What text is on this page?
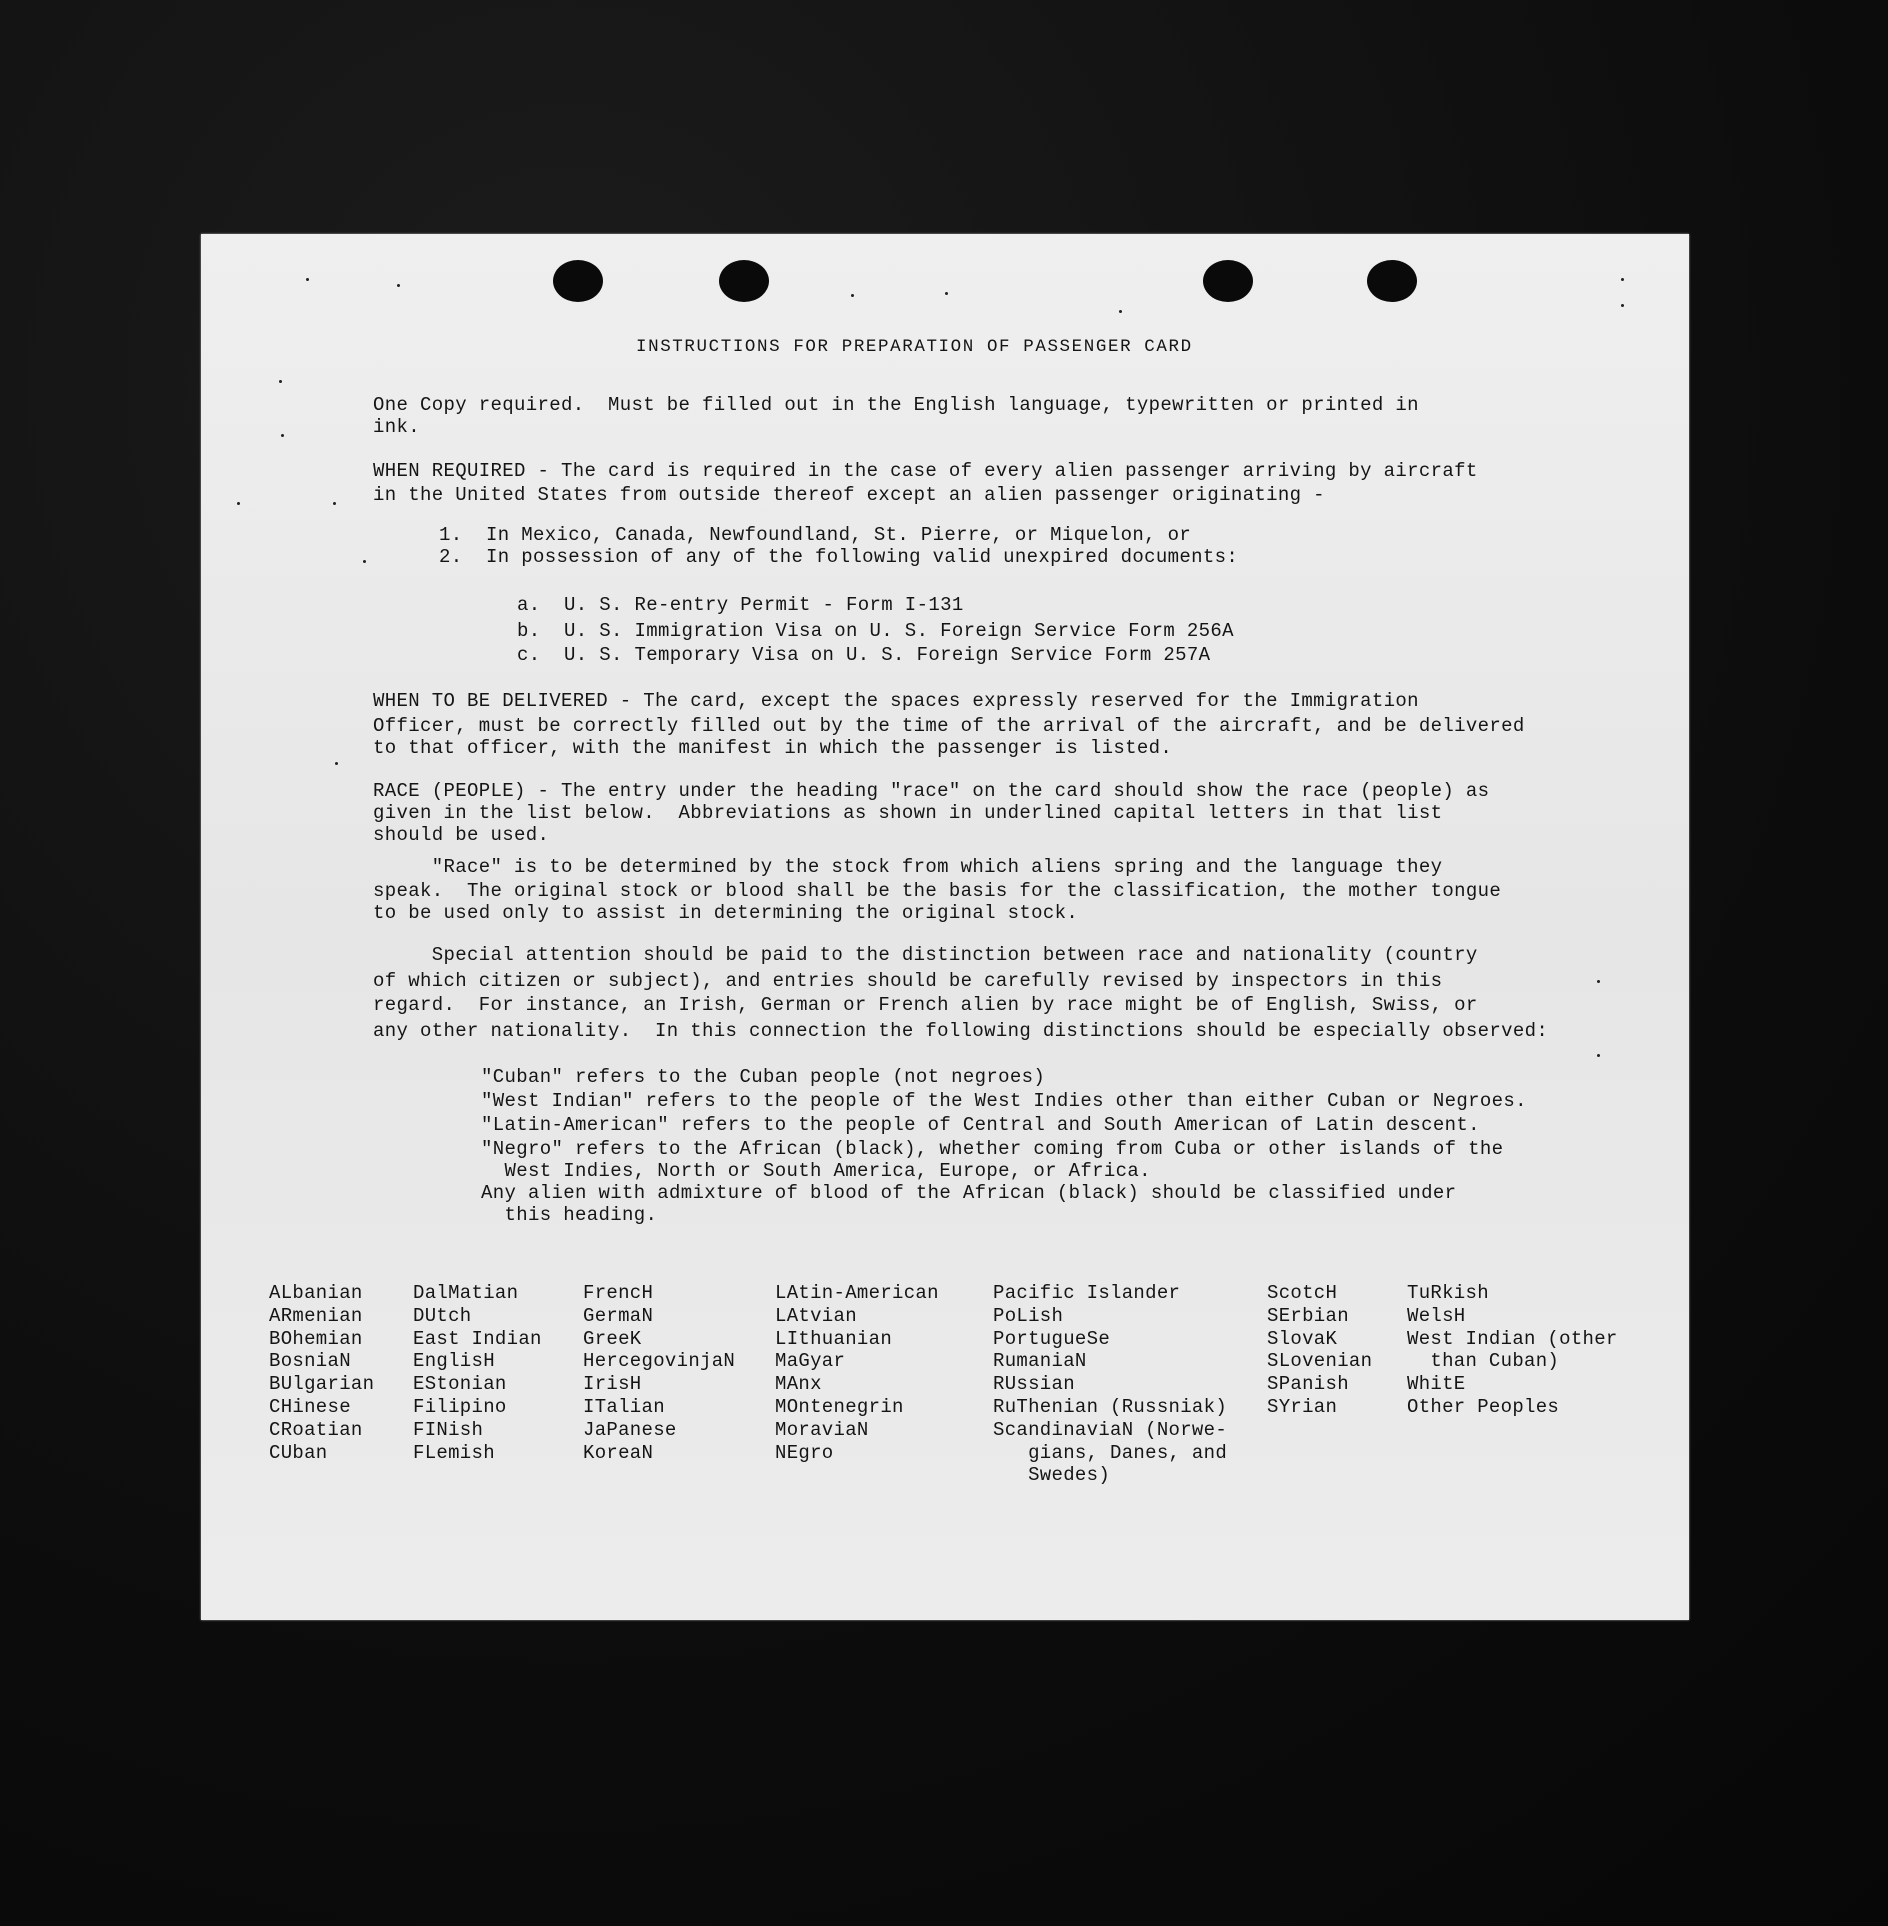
INSTRUCTIONS FOR PREPARATION OF PASSENGER CARD
One Copy required.  Must be filled out in the English language, typewritten or printed in
ink.
WHEN REQUIRED - The card is required in the case of every alien passenger arriving by aircraft
in the United States from outside thereof except an alien passenger originating -
1.  In Mexico, Canada, Newfoundland, St. Pierre, or Miquelon, or
2.  In possession of any of the following valid unexpired documents:
a.  U. S. Re-entry Permit - Form I-131
b.  U. S. Immigration Visa on U. S. Foreign Service Form 256A
c.  U. S. Temporary Visa on U. S. Foreign Service Form 257A
WHEN TO BE DELIVERED - The card, except the spaces expressly reserved for the Immigration
Officer, must be correctly filled out by the time of the arrival of the aircraft, and be delivered
to that officer, with the manifest in which the passenger is listed.
RACE (PEOPLE) - The entry under the heading "race" on the card should show the race (people) as
given in the list below.  Abbreviations as shown in underlined capital letters in that list
should be used.
"Race" is to be determined by the stock from which aliens spring and the language they
speak.  The original stock or blood shall be the basis for the classification, the mother tongue
to be used only to assist in determining the original stock.
Special attention should be paid to the distinction between race and nationality (country
of which citizen or subject), and entries should be carefully revised by inspectors in this
regard.  For instance, an Irish, German or French alien by race might be of English, Swiss, or
any other nationality.  In this connection the following distinctions should be especially observed:
"Cuban" refers to the Cuban people (not negroes)
"West Indian" refers to the people of the West Indies other than either Cuban or Negroes.
"Latin-American" refers to the people of Central and South American of Latin descent.
"Negro" refers to the African (black), whether coming from Cuba or other islands of the
West Indies, North or South America, Europe, or Africa.
Any alien with admixture of blood of the African (black) should be classified under
this heading.
ALbanian
ARmenian
BOhemian
BosniaN
BUlgarian
CHinese
CRoatian
CUban
DalMatian
DUtch
East Indian
EnglisH
EStonian
Filipino
FINish
FLemish
FrencH
GermaN
GreeK
HercegovinjaN
IrisH
ITalian
JaPanese
KoreaN
LAtin-American
LAtvian
LIthuanian
MaGyar
MAnx
MOntenegrin
MoraviaN
NEgro
Pacific Islander
PoLish
PortugueSe
RumaniaN
RUssian
RuThenian (Russniak)
ScandinaviaN (Norwe-
gians, Danes, and
Swedes)
ScotcH
SErbian
SlovaK
SLovenian
SPanish
SYrian
TuRkish
WelsH
West Indian (other
than Cuban)
WhitE
Other Peoples
